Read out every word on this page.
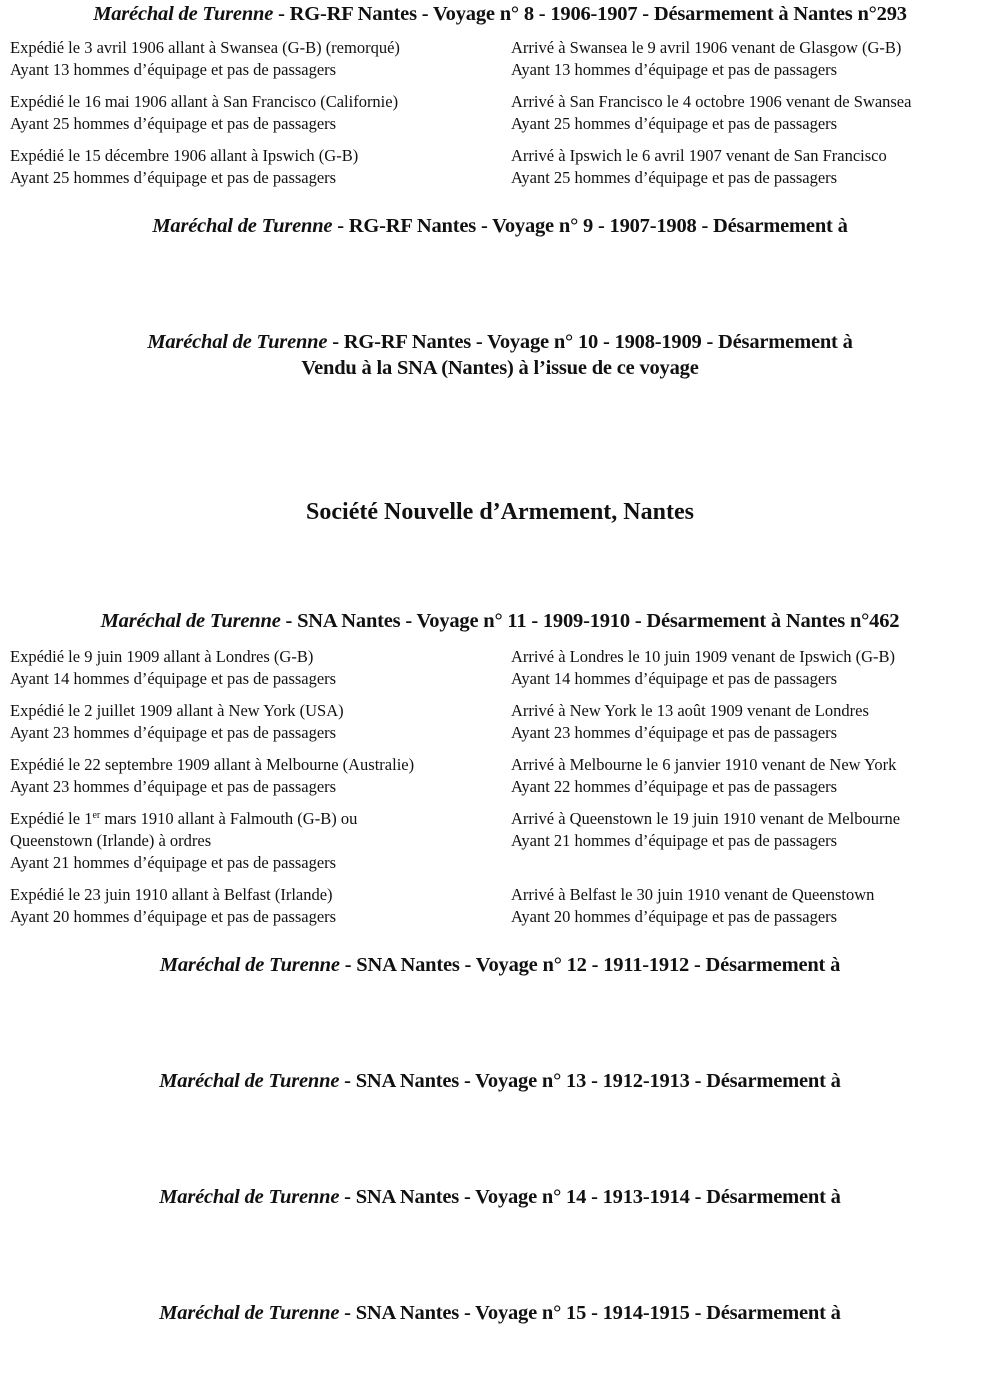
Maréchal de Turenne - RG-RF Nantes - Voyage n° 8 - 1906-1907 - Désarmement à Nantes n°293
Expédié le 3 avril 1906 allant à Swansea (G-B) (remorqué)
Ayant 13 hommes d’équipage et pas de passagers
Arrivé à Swansea le 9 avril 1906 venant de Glasgow (G-B)
Ayant 13 hommes d’équipage et pas de passagers
Expédié le 16 mai 1906 allant à San Francisco (Californie)
Ayant 25 hommes d’équipage et pas de passagers
Arrivé à San Francisco le 4 octobre 1906 venant de Swansea
Ayant 25 hommes d’équipage et pas de passagers
Expédié le 15 décembre 1906 allant à Ipswich (G-B)
Ayant 25 hommes d’équipage et pas de passagers
Arrivé à Ipswich le 6 avril 1907 venant de San Francisco
Ayant 25 hommes d’équipage et pas de passagers
Maréchal de Turenne - RG-RF Nantes - Voyage n° 9 - 1907-1908 - Désarmement à
Maréchal de Turenne - RG-RF Nantes - Voyage n° 10 - 1908-1909 - Désarmement à
Vendu à la SNA (Nantes) à l’issue de ce voyage
Société Nouvelle d’Armement, Nantes
Maréchal de Turenne - SNA Nantes - Voyage n° 11 - 1909-1910 - Désarmement à Nantes n°462
Expédié le 9 juin 1909 allant à Londres (G-B)
Ayant 14 hommes d’équipage et pas de passagers
Arrivé à Londres le 10 juin 1909 venant de Ipswich (G-B)
Ayant 14 hommes d’équipage et pas de passagers
Expédié le 2 juillet 1909 allant à New York (USA)
Ayant 23 hommes d’équipage et pas de passagers
Arrivé à New York le 13 août 1909 venant de Londres
Ayant 23 hommes d’équipage et pas de passagers
Expédié le 22 septembre 1909 allant à Melbourne (Australie)
Ayant 23 hommes d’équipage et pas de passagers
Arrivé à Melbourne le 6 janvier 1910 venant de New York
Ayant 22 hommes d’équipage et pas de passagers
Expédié le 1er mars 1910 allant à Falmouth (G-B) ou
Queenstown (Irlande) à ordres
Ayant 21 hommes d’équipage et pas de passagers
Arrivé à Queenstown le 19 juin 1910 venant de Melbourne
Ayant 21 hommes d’équipage et pas de passagers
Expédié le 23 juin 1910 allant à Belfast (Irlande)
Ayant 20 hommes d’équipage et pas de passagers
Arrivé à Belfast le 30 juin 1910 venant de Queenstown
Ayant 20 hommes d’équipage et pas de passagers
Maréchal de Turenne - SNA Nantes - Voyage n° 12 - 1911-1912 - Désarmement à
Maréchal de Turenne - SNA Nantes - Voyage n° 13 - 1912-1913 - Désarmement à
Maréchal de Turenne - SNA Nantes - Voyage n° 14 - 1913-1914 - Désarmement à
Maréchal de Turenne - SNA Nantes - Voyage n° 15 - 1914-1915 - Désarmement à
